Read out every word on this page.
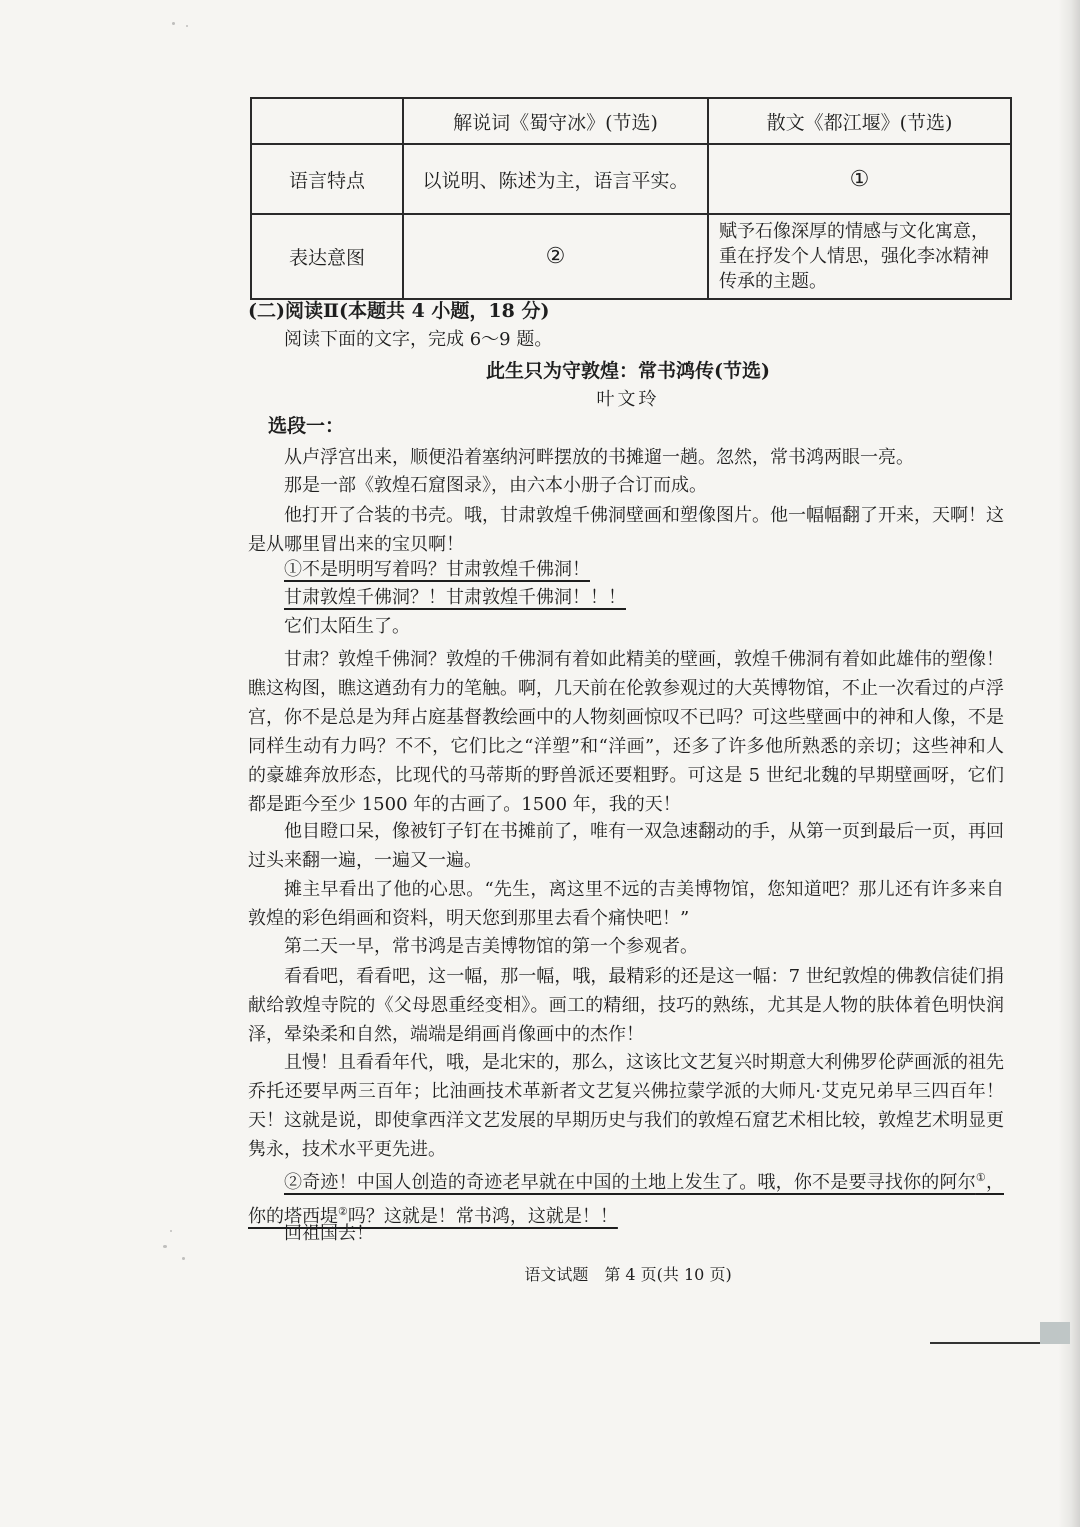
	解说词《蜀守冰》(节选)	散文《都江堰》(节选)
语言特点	以说明、陈述为主，语言平实。	①
表达意图	②	赋予石像深厚的情感与文化寓意，重在抒发个人情思，强化李冰精神传承的主题。
(二)阅读Ⅱ(本题共 4 小题，18 分)
阅读下面的文字，完成 6～9 题。
此生只为守敦煌：常书鸿传(节选)
叶文玲
选段一：
从卢浮宫出来，顺便沿着塞纳河畔摆放的书摊遛一趟。忽然，常书鸿两眼一亮。
那是一部《敦煌石窟图录》，由六本小册子合订而成。
他打开了合装的书壳。哦，甘肃敦煌千佛洞壁画和塑像图片。他一幅幅翻了开来，天啊！这是从哪里冒出来的宝贝啊！
①不是明明写着吗？甘肃敦煌千佛洞！
甘肃敦煌千佛洞？！甘肃敦煌千佛洞！！！
它们太陌生了。
甘肃？敦煌千佛洞？敦煌的千佛洞有着如此精美的壁画，敦煌千佛洞有着如此雄伟的塑像！瞧这构图，瞧这遒劲有力的笔触。啊，几天前在伦敦参观过的大英博物馆，不止一次看过的卢浮宫，你不是总是为拜占庭基督教绘画中的人物刻画惊叹不已吗？可这些壁画中的神和人像，不是同样生动有力吗？不不，它们比之“洋塑”和“洋画”，还多了许多他所熟悉的亲切；这些神和人的豪雄奔放形态，比现代的马蒂斯的野兽派还要粗野。可这是 5 世纪北魏的早期壁画呀，它们都是距今至少 1500 年的古画了。1500 年，我的天！
他目瞪口呆，像被钉子钉在书摊前了，唯有一双急速翻动的手，从第一页到最后一页，再回过头来翻一遍，一遍又一遍。
摊主早看出了他的心思。“先生，离这里不远的吉美博物馆，您知道吧？那儿还有许多来自敦煌的彩色绢画和资料，明天您到那里去看个痛快吧！”
第二天一早，常书鸿是吉美博物馆的第一个参观者。
看看吧，看看吧，这一幅，那一幅，哦，最精彩的还是这一幅：7 世纪敦煌的佛教信徒们捐献给敦煌寺院的《父母恩重经变相》。画工的精细，技巧的熟练，尤其是人物的肤体着色明快润泽，晕染柔和自然，端端是绢画肖像画中的杰作！
且慢！且看看年代，哦，是北宋的，那么，这该比文艺复兴时期意大利佛罗伦萨画派的祖先乔托还要早两三百年；比油画技术革新者文艺复兴佛拉蒙学派的大师凡·艾克兄弟早三四百年！天！这就是说，即使拿西洋文艺发展的早期历史与我们的敦煌石窟艺术相比较，敦煌艺术明显更隽永，技术水平更先进。
②奇迹！中国人创造的奇迹老早就在中国的土地上发生了。哦，你不是要寻找你的阿尔①，你的塔西堤②吗？这就是！常书鸿，这就是！！
回祖国去！
语文试题　第 4 页(共 10 页)
